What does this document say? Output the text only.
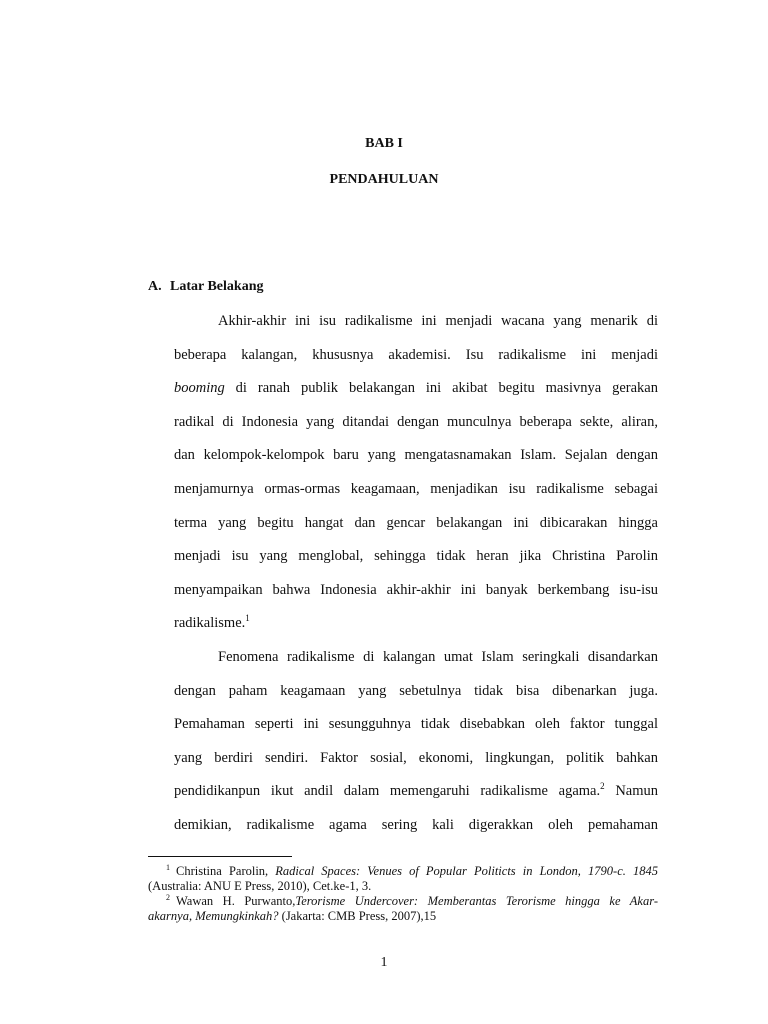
BAB I
PENDAHULUAN
A. Latar Belakang
Akhir-akhir ini isu radikalisme ini menjadi wacana yang menarik di
beberapa kalangan, khususnya akademisi. Isu radikalisme ini menjadi
booming di ranah publik belakangan ini akibat begitu masivnya gerakan
radikal di Indonesia yang ditandai dengan munculnya beberapa sekte, aliran,
dan kelompok-kelompok baru yang mengatasnamakan Islam. Sejalan dengan
menjamurnya ormas-ormas keagamaan, menjadikan isu radikalisme sebagai
terma yang begitu hangat dan gencar belakangan ini dibicarakan hingga
menjadi isu yang menglobal, sehingga tidak heran jika Christina Parolin
menyampaikan bahwa Indonesia akhir-akhir ini banyak berkembang isu-isu
radikalisme.$^1$
Fenomena radikalisme di kalangan umat Islam seringkali disandarkan
dengan paham keagamaan yang sebetulnya tidak bisa dibenarkan juga.
Pemahaman seperti ini sesungguhnya tidak disebabkan oleh faktor tunggal
yang berdiri sendiri. Faktor sosial, ekonomi, lingkungan, politik bahkan
pendidikanpun ikut andil dalam memengaruhi radikalisme agama.$^2$ Namun
demikian, radikalisme agama sering kali digerakkan oleh pemahaman
$^1$ Christina Parolin, Radical Spaces: Venues of Popular Politicts in London, 1790-c. 1845
(Australia: ANU E Press, 2010), Cet.ke-1, 3.
$^2$ Wawan H. Purwanto,Terorisme Undercover: Memberantas Terorisme hingga ke Akar-
akarnya, Memungkinkah? (Jakarta: CMB Press, 2007),15
1
